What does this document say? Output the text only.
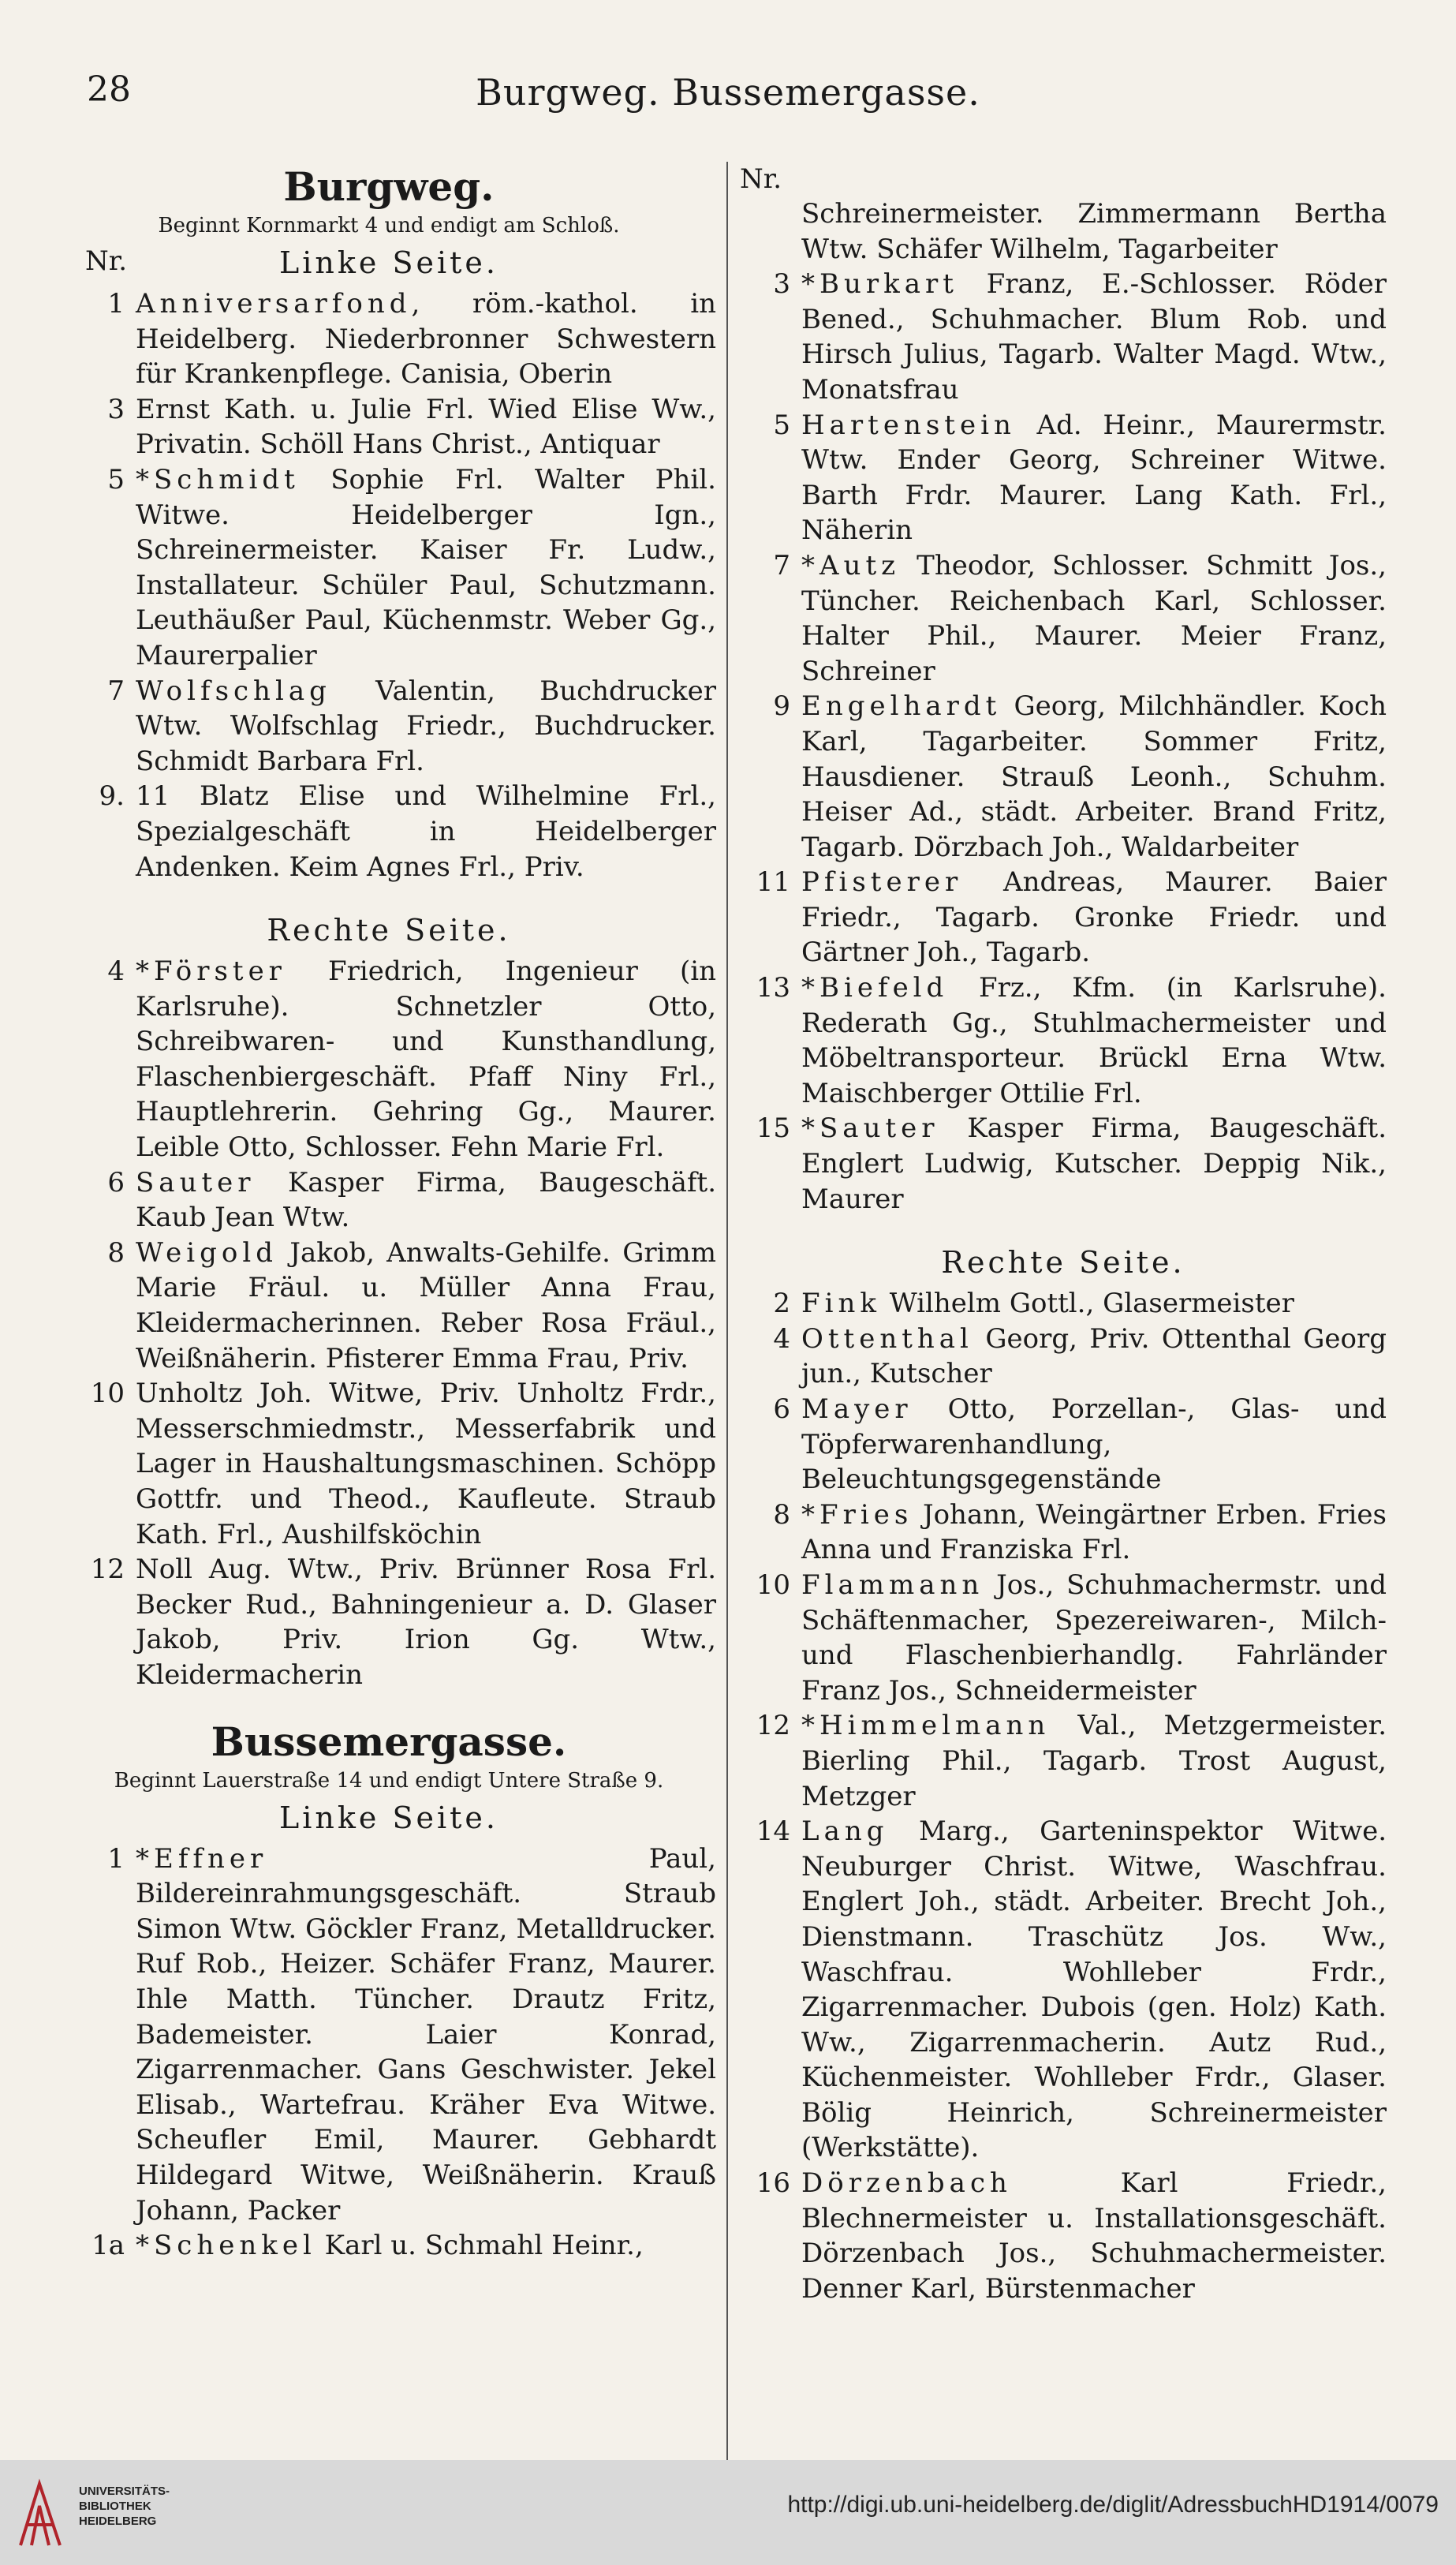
28	Burgweg. Bussemergasse.
Burgweg.
Beginnt Kornmarkt 4 und endigt am Schloß.
Nr.	Linke Seite.
1 Anniversarfond, röm.-kathol. in Heidelberg. Niederbronner Schwestern für Krankenpflege. Canisia, Oberin
3 Ernst Kath. u. Julie Frl. Wied Elise Ww., Privatin. Schöll Hans Christ., Antiquar
5 *Schmidt Sophie Frl. Walter Phil. Witwe. Heidelberger Ign., Schreinermeister. Kaiser Fr. Ludw., Installateur. Schüler Paul, Schutzmann. Leuthäußer Paul, Küchenmstr. Weber Gg., Maurerpalier
7 Wolfschlag Valentin, Buchdrucker Wtw. Wolfschlag Friedr., Buchdrucker. Schmidt Barbara Frl.
9. 11 Blatz Elise und Wilhelmine Frl., Spezialgeschäft in Heidelberger Andenken. Keim Agnes Frl., Priv.
Rechte Seite.
4 *Förster Friedrich, Ingenieur (in Karlsruhe). Schnetzler Otto, Schreibwaren- und Kunsthandlung, Flaschenbiergeschäft. Pfaff Niny Frl., Hauptlehrerin. Gehring Gg., Maurer. Leible Otto, Schlosser. Fehn Marie Frl.
6 Sauter Kasper Firma, Baugeschäft. Kaub Jean Wtw.
8 Weigold Jakob, Anwalts-Gehilfe. Grimm Marie Fräul. u. Müller Anna Frau, Kleidermacherinnen. Reber Rosa Fräul., Weißnäherin. Pfisterer Emma Frau, Priv.
10 Unholtz Joh. Witwe, Priv. Unholtz Frdr., Messerschmiedmstr., Messerfabrik und Lager in Haushaltungsmaschinen. Schöpp Gottfr. und Theod., Kaufleute. Straub Kath. Frl., Aushilfsköchin
12 Noll Aug. Wtw., Priv. Brünner Rosa Frl. Becker Rud., Bahningenieur a. D. Glaser Jakob, Priv. Irion Gg. Wtw., Kleidermacherin
Bussemergasse.
Beginnt Lauerstraße 14 und endigt Untere Straße 9.
Linke Seite.
1 *Effner Paul, Bildereinrahmungsgeschäft. Straub Simon Wtw. Göckler Franz, Metalldrucker. Ruf Rob., Heizer. Schäfer Franz, Maurer. Ihle Matth. Tüncher. Drautz Fritz, Bademeister. Laier Konrad, Zigarrenmacher. Gans Geschwister. Jekel Elisab., Wartefrau. Kräher Eva Witwe. Scheufler Emil, Maurer. Gebhardt Hildegard Witwe, Weißnäherin. Krauß Johann, Packer
1a *Schenkel Karl u. Schmahl Heinr.,
Nr.
Schreinermeister. Zimmermann Bertha Wtw. Schäfer Wilhelm, Tagarbeiter
3 *Burkart Franz, E.-Schlosser. Röder Bened., Schuhmacher. Blum Rob. und Hirsch Julius, Tagarb. Walter Magd. Wtw., Monatsfrau
5 Hartenstein Ad. Heinr., Maurermstr. Wtw. Ender Georg, Schreiner Witwe. Barth Frdr. Maurer. Lang Kath. Frl., Näherin
7 *Autz Theodor, Schlosser. Schmitt Jos., Tüncher. Reichenbach Karl, Schlosser. Halter Phil., Maurer. Meier Franz, Schreiner
9 Engelhardt Georg, Milchhändler. Koch Karl, Tagarbeiter. Sommer Fritz, Hausdiener. Strauß Leonh., Schuhm. Heiser Ad., städt. Arbeiter. Brand Fritz, Tagarb. Dörzbach Joh., Waldarbeiter
11 Pfisterer Andreas, Maurer. Baier Friedr., Tagarb. Gronke Friedr. und Gärtner Joh., Tagarb.
13 *Biefeld Frz., Kfm. (in Karlsruhe). Rederath Gg., Stuhlmachermeister und Möbeltransporteur. Brückl Erna Wtw. Maischberger Ottilie Frl.
15 *Sauter Kasper Firma, Baugeschäft. Englert Ludwig, Kutscher. Deppig Nik., Maurer
Rechte Seite.
2 Fink Wilhelm Gottl., Glasermeister
4 Ottenthal Georg, Priv. Ottenthal Georg jun., Kutscher
6 Mayer Otto, Porzellan-, Glas- und Töpferwarenhandlung, Beleuchtungsgegenstände
8 *Fries Johann, Weingärtner Erben. Fries Anna und Franziska Frl.
10 Flammann Jos., Schuhmachermstr. und Schäftenmacher, Spezereiwaren-, Milch- und Flaschenbierhandlg. Fahrländer Franz Jos., Schneidermeister
12 *Himmelmann Val., Metzgermeister. Bierling Phil., Tagarb. Trost August, Metzger
14 Lang Marg., Garteninspektor Witwe. Neuburger Christ. Witwe, Waschfrau. Englert Joh., städt. Arbeiter. Brecht Joh., Dienstmann. Traschütz Jos. Ww., Waschfrau. Wohlleber Frdr., Zigarrenmacher. Dubois (gen. Holz) Kath. Ww., Zigarrenmacherin. Autz Rud., Küchenmeister. Wohlleber Frdr., Glaser. Bölig Heinrich, Schreinermeister (Werkstätte).
16 Dörzenbach Karl Friedr., Blechnermeister u. Installationsgeschäft. Dörzenbach Jos., Schuhmachermeister. Denner Karl, Bürstenmacher
UNIVERSITÄTS-
BIBLIOTHEK
HEIDELBERG
http://digi.ub.uni-heidelberg.de/diglit/AdressbuchHD1914/0079
